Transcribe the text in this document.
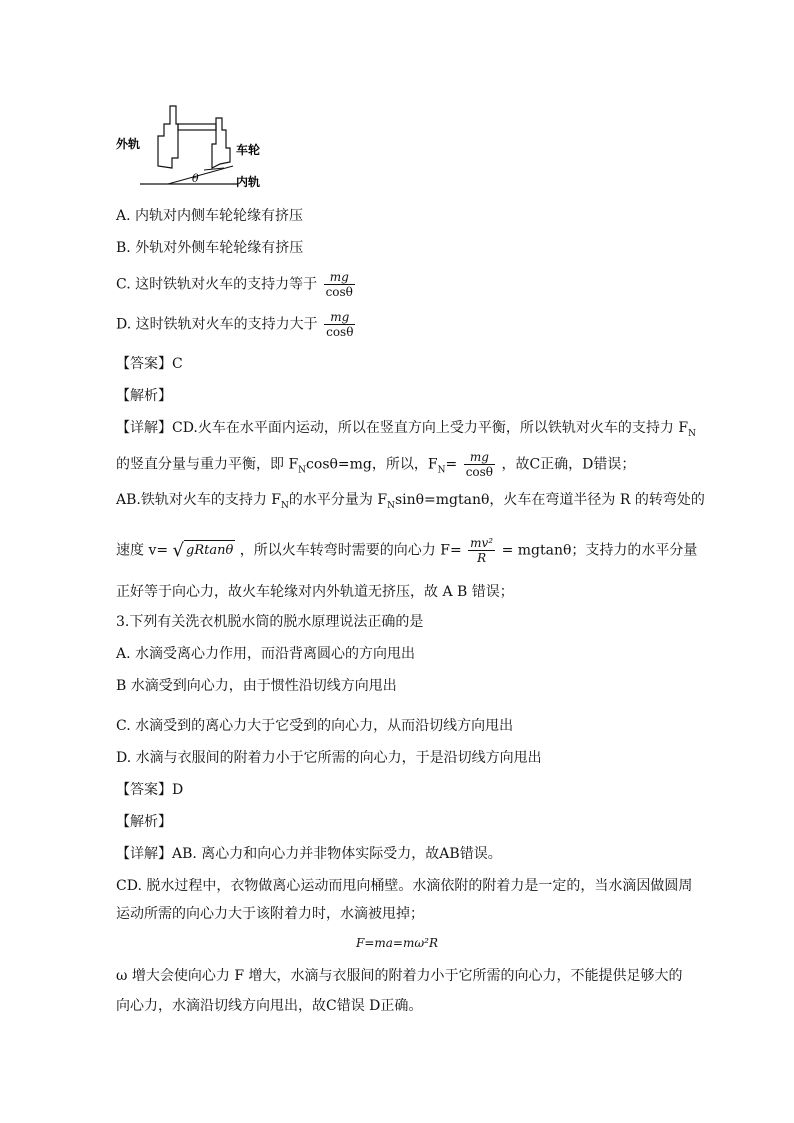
外轨	车轮
内轨
θ
A. 内轨对内侧车轮轮缘有挤压
B. 外轨对外侧车轮轮缘有挤压
C. 这时铁轨对火车的支持力等于 $\frac{mg}{\cos\theta}$
D. 这时铁轨对火车的支持力大于 $\frac{mg}{\cos\theta}$
【答案】C
【解析】
【详解】CD.火车在水平面内运动，所以在竖直方向上受力平衡，所以铁轨对火车的支持力 $F_N$
的竖直分量与重力平衡，即 $F_N\cos\theta=mg$，所以，$F_N= \frac{mg}{\cos\theta}$ ，故C正确，D错误；
AB.铁轨对火车的支持力 $F_N$的水平分量为 $F_N\sin\theta=mgtan\theta$，火车在弯道半径为 R 的转弯处的
速度 v= √ gRtanθ ，所以火车转弯时需要的向心力 $F= \frac{\text{mv²}}{R} = mgtan\theta$；支持力的水平分量
正好等于向心力，故火车轮缘对内外轨道无挤压，故 A B 错误；
3.下列有关洗衣机脱水筒的脱水原理说法正确的是
A. 水滴受离心力作用，而沿背离圆心的方向甩出
B 水滴受到向心力，由于惯性沿切线方向甩出
C. 水滴受到的离心力大于它受到的向心力，从而沿切线方向甩出
D. 水滴与衣服间的附着力小于它所需的向心力，于是沿切线方向甩出
【答案】D
【解析】
【详解】AB. 离心力和向心力并非物体实际受力，故AB错误。
CD. 脱水过程中，衣物做离心运动而甩向桶壁。水滴依附的附着力是一定的，当水滴因做圆周
运动所需的向心力大于该附着力时，水滴被甩掉；
F=ma=mω²R
ω 增大会使向心力 F 增大，水滴与衣服间的附着力小于它所需的向心力，不能提供足够大的
向心力，水滴沿切线方向甩出，故C错误 D正确。
